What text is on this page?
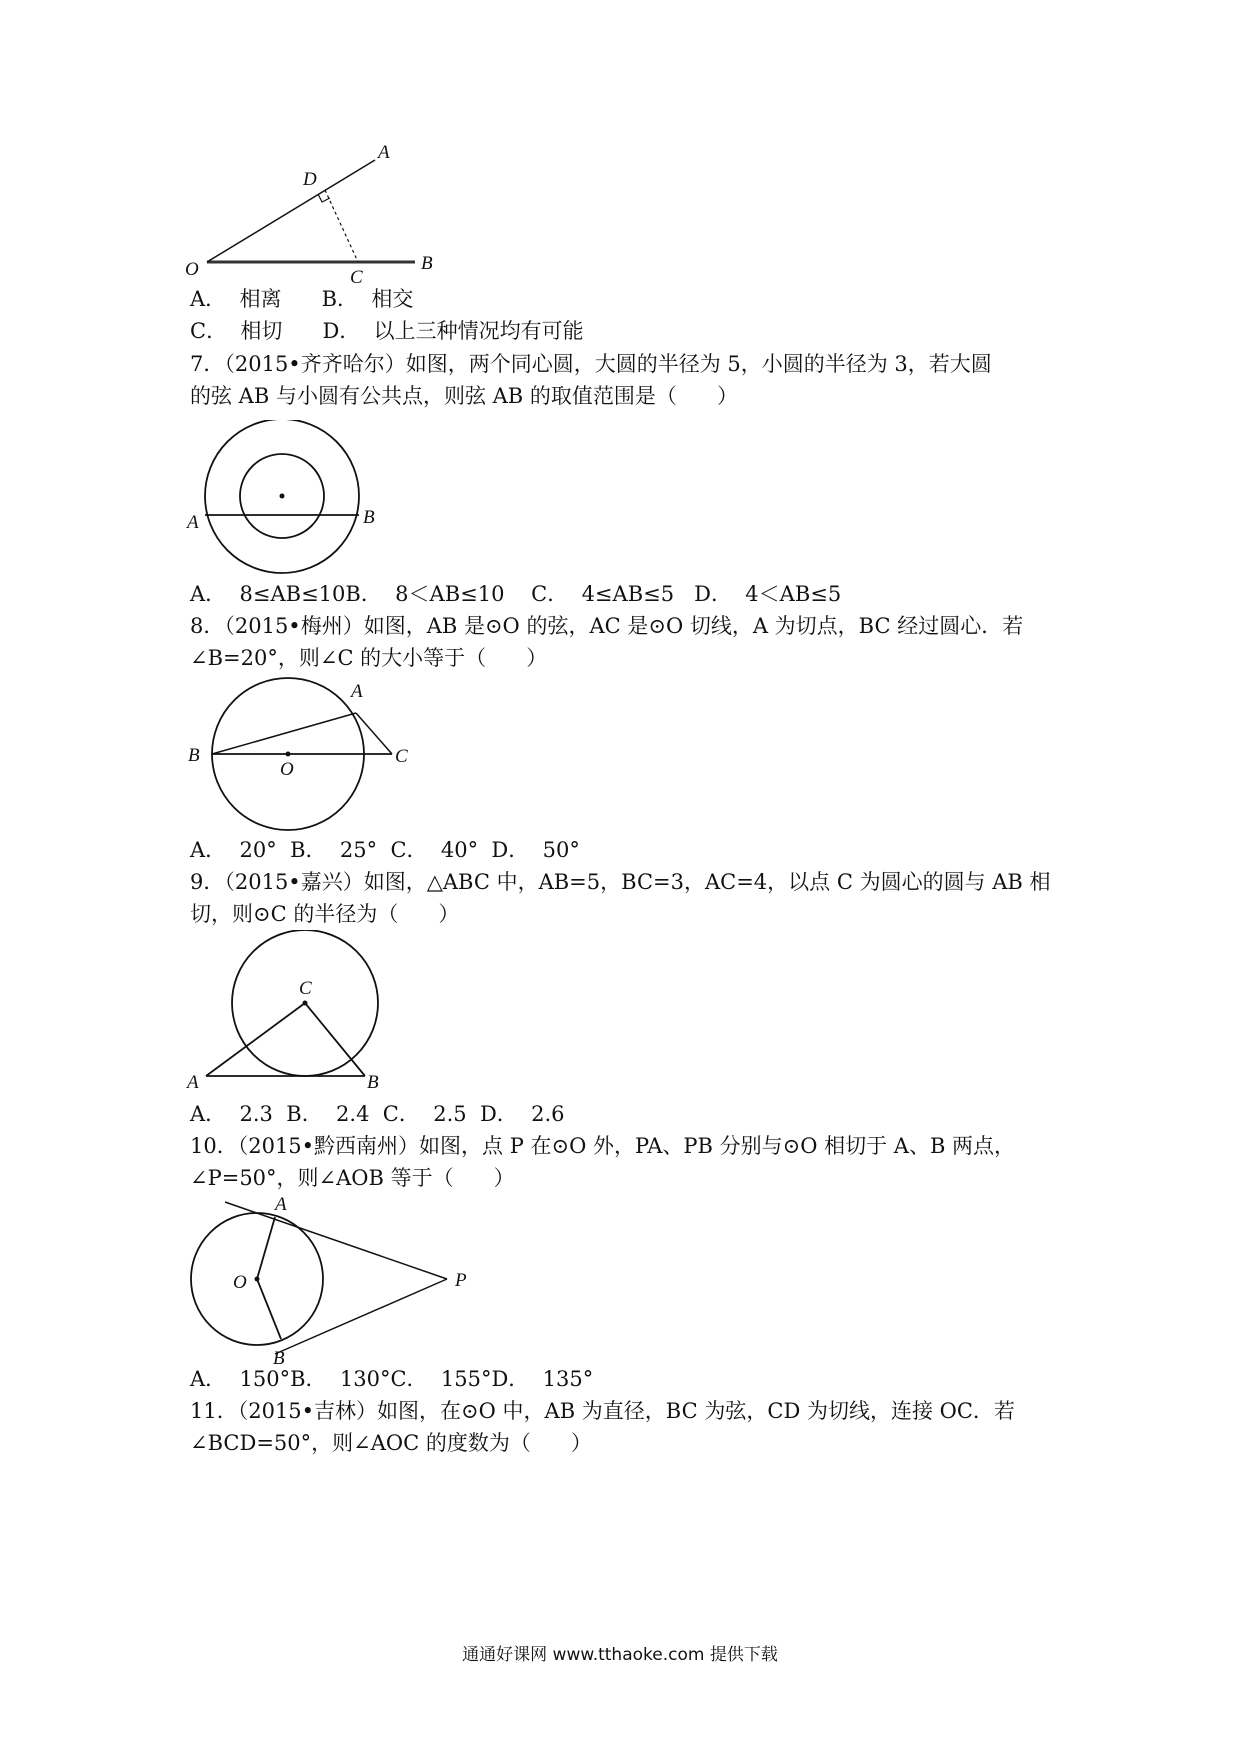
A
D
O	C
B
A．  相离      B．  相交
C．  相切      D．  以上三种情况均有可能
7．（2015•齐齐哈尔）如图，两个同心圆，大圆的半径为 5，小圆的半径为 3，若大圆
的弦 AB 与小圆有公共点，则弦 AB 的取值范围是（      ）
A	B
A．  8≤AB≤10B．  8＜AB≤10    C．  4≤AB≤5   D．  4＜AB≤5
8．（2015•梅州）如图，AB 是⊙O 的弦，AC 是⊙O 切线，A 为切点，BC 经过圆心．若
∠B=20°，则∠C 的大小等于（      ）
A
B
O
C
A．  20°  B．  25°  C．  40°  D．  50°
9．（2015•嘉兴）如图，△ABC 中，AB=5，BC=3，AC=4，以点 C 为圆心的圆与 AB 相
切，则⊙C 的半径为（      ）
C
A	B
A．  2.3  B．  2.4  C．  2.5  D．  2.6
10．（2015•黔西南州）如图，点 P 在⊙O 外，PA、PB 分别与⊙O 相切于 A、B 两点，
∠P=50°，则∠AOB 等于（      ）
A
O	P
B
A．  150°B．  130°C．  155°D．  135°
11．（2015•吉林）如图，在⊙O 中，AB 为直径，BC 为弦，CD 为切线，连接 OC．若
∠BCD=50°，则∠AOC 的度数为（      ）
通通好课网 www.tthaoke.com 提供下载
